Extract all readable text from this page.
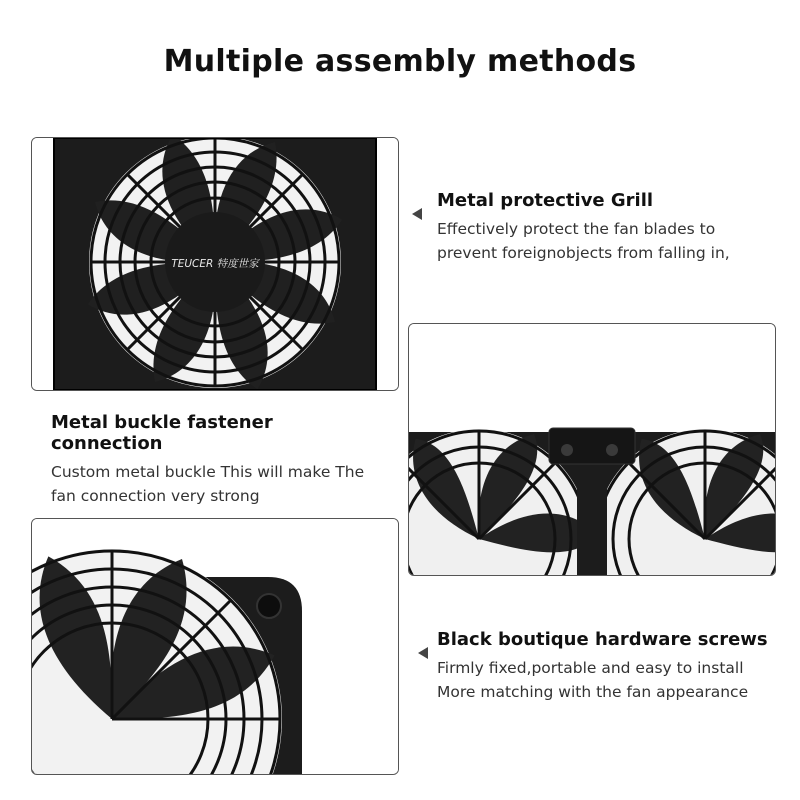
Multiple assembly methods
TEUCER 特度世家
Metal protective Grill
Effectively protect the fan blades to
prevent foreignobjects from falling in,
Metal buckle fastener connection
Custom metal buckle This will make The
fan connection very strong
Black boutique hardware screws
Firmly fixed,portable and easy to install
More matching with the fan appearance
